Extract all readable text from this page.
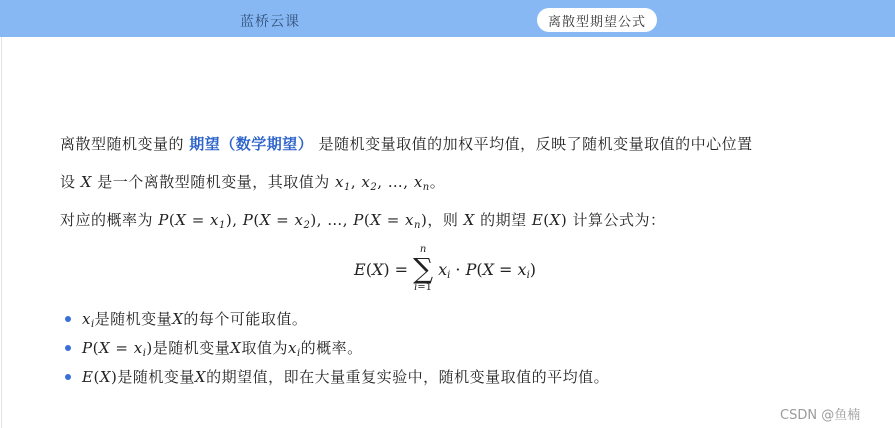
蓝桥云课	离散型期望公式
离散型随机变量的 期望（数学期望） 是随机变量取值的加权平均值，反映了随机变量取值的中心位置
设 X 是一个离散型随机变量，其取值为 $x_1$, $x_2$, …, $x_n$。
对应的概率为 $P(X = x_1)$, $P(X = x_2)$, …, $P(X = x_n)$，则 X 的期望 E(X) 计算公式为：
E(X) =
n
∑
i=1
$x_i \cdot P(X = x_i)$
$x_i$ 是随机变量 X 的每个可能取值。
$P(X = x_i)$ 是随机变量 X 取值为 $x_i$ 的概率。
E(X) 是随机变量 X 的期望值，即在大量重复实验中，随机变量取值的平均值。
CSDN @鱼楠
